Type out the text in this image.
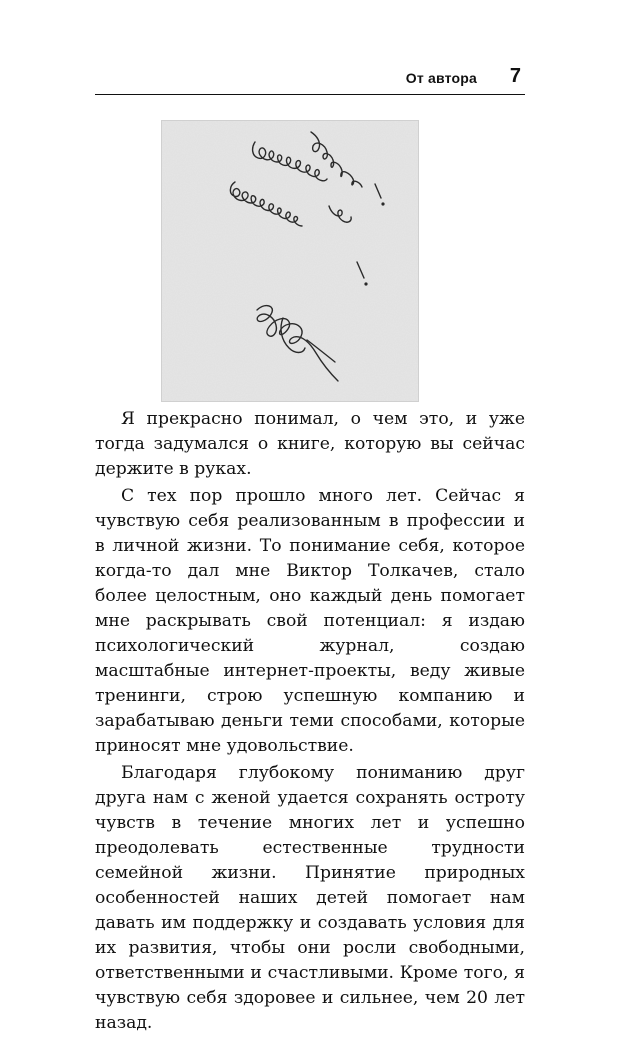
От автора 7

Я прекрасно понимал, о чем это, и уже тогда задумался о книге, которую вы сейчас держите в руках.

С тех пор прошло много лет. Сейчас я чувствую себя реализованным в профессии и в личной жизни. То понимание себя, которое когда-то дал мне Виктор Толкачев, стало более целостным, оно каждый день помогает мне раскрывать свой потенциал: я издаю психологический журнал, создаю масштабные интернет-проекты, веду живые тренинги, строю успешную компанию и зарабатываю деньги теми способами, которые приносят мне удовольствие.

Благодаря глубокому пониманию друг друга нам с женой удается сохранять остроту чувств в течение многих лет и успешно преодолевать естественные трудности семейной жизни. Принятие природных особенностей наших детей помогает нам давать им поддержку и создавать условия для их развития, чтобы они росли свободными, ответственными и счастливыми. Кроме того, я чувствую себя здоровее и сильнее, чем 20 лет назад.
